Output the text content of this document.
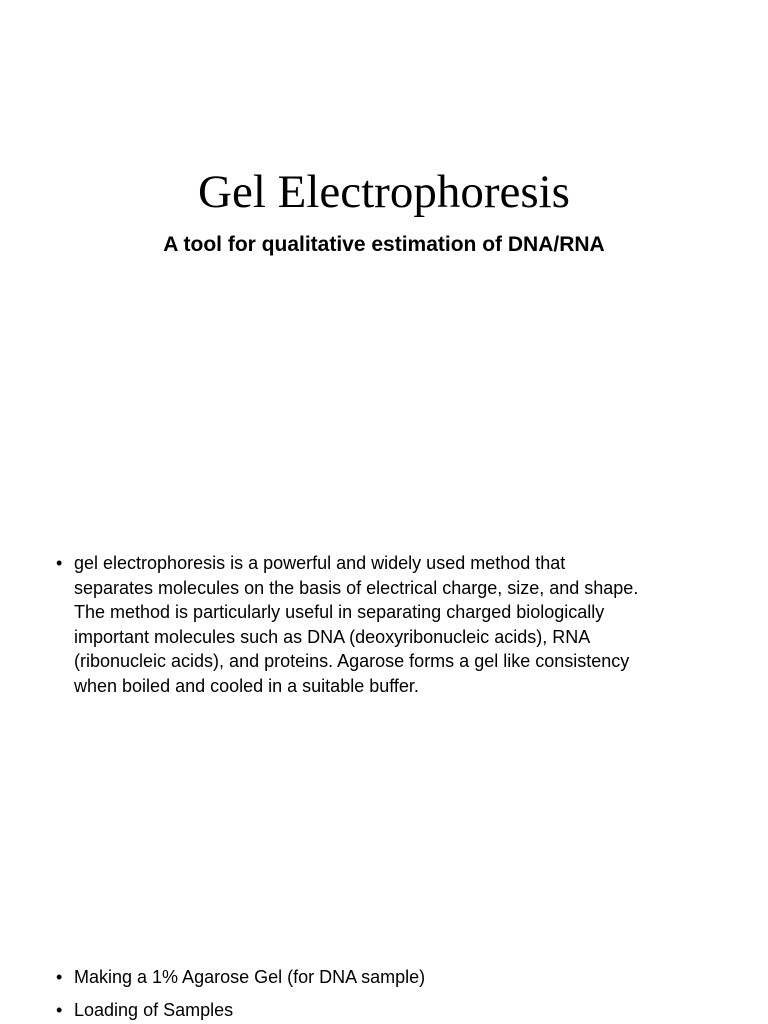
Gel Electrophoresis
A tool for qualitative estimation of DNA/RNA
• gel electrophoresis is a powerful and widely used method that
separates molecules on the basis of electrical charge, size, and shape.
The method is particularly useful in separating charged biologically
important molecules such as DNA (deoxyribonucleic acids), RNA
(ribonucleic acids), and proteins. Agarose forms a gel like consistency
when boiled and cooled in a suitable buffer.
• Making a 1% Agarose Gel (for DNA sample)
• Loading of Samples
